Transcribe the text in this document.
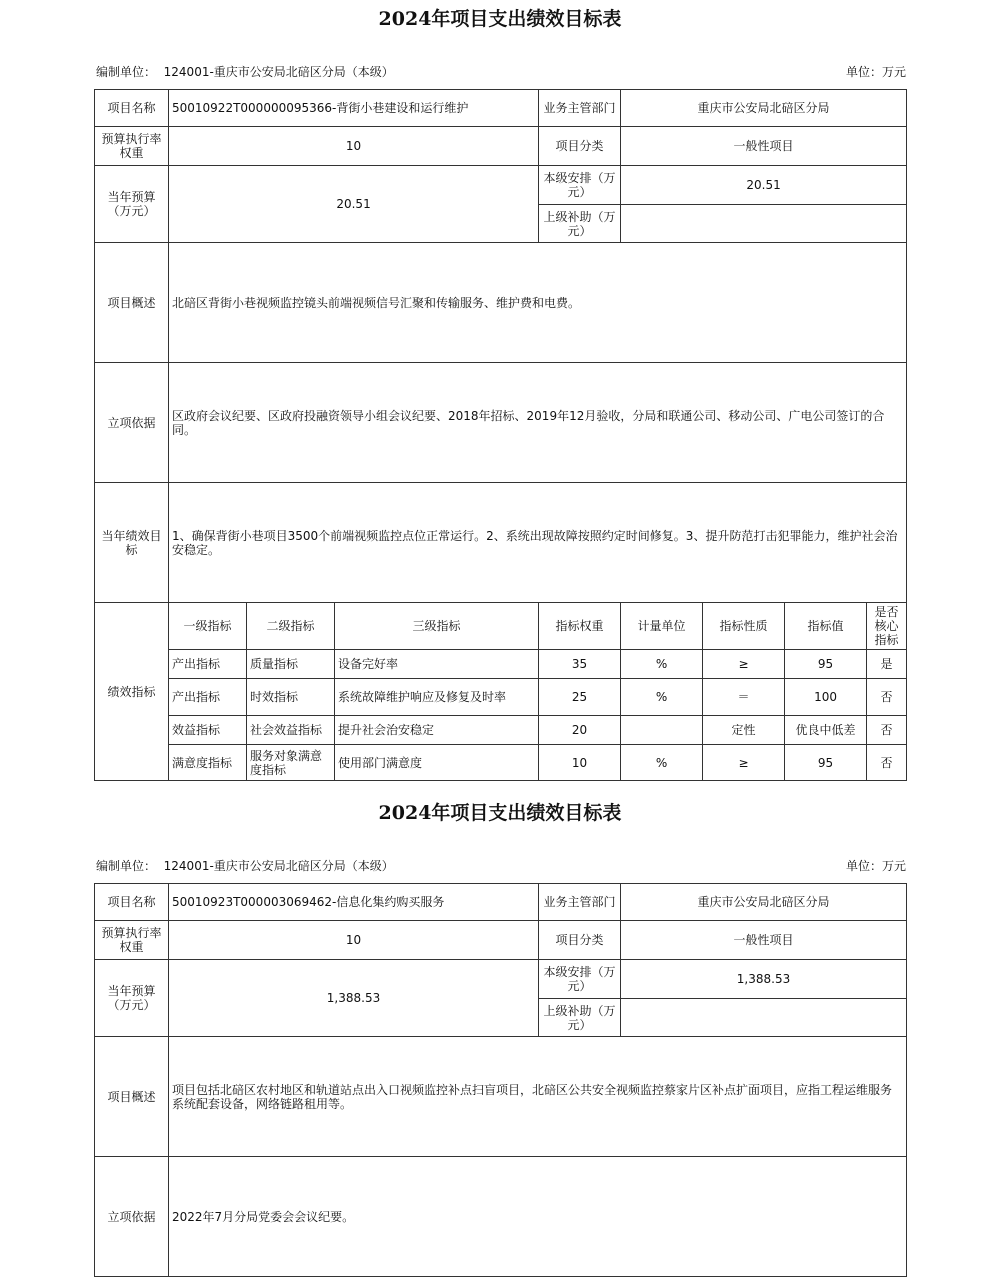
2024年项目支出绩效目标表
编制单位： 124001-重庆市公安局北碚区分局（本级）	单位：万元
项目名称	50010922T000000095366-背街小巷建设和运行维护			业务主管部门	重庆市公安局北碚区分局			
预算执行率权重	10			项目分类	一般性项目			
当年预算（万元）	20.51			本级安排（万元）	20.51			
				上级补助（万元）				
项目概述	北碚区背街小巷视频监控镜头前端视频信号汇聚和传输服务、维护费和电费。							
立项依据	区政府会议纪要、区政府投融资领导小组会议纪要、2018年招标、2019年12月验收，分局和联通公司、移动公司、广电公司签订的合同。							
当年绩效目标	1、确保背街小巷项目3500个前端视频监控点位正常运行。2、系统出现故障按照约定时间修复。3、提升防范打击犯罪能力，维护社会治安稳定。							
绩效指标	一级指标	二级指标	三级指标	指标权重	计量单位	指标性质	指标值	是否核心指标
	产出指标	质量指标	设备完好率	35	%	≥	95	是
	产出指标	时效指标	系统故障维护响应及修复及时率	25	%	＝	100	否
	效益指标	社会效益指标	提升社会治安稳定	20		定性	优良中低差	否
	满意度指标	服务对象满意度指标	使用部门满意度	10	%	≥	95	否
2024年项目支出绩效目标表
编制单位： 124001-重庆市公安局北碚区分局（本级）	单位：万元
项目名称	50010923T000003069462-信息化集约购买服务	业务主管部门	重庆市公安局北碚区分局
预算执行率权重	10	项目分类	一般性项目
当年预算（万元）	1,388.53	本级安排（万元）	1,388.53
		上级补助（万元）	
项目概述	项目包括北碚区农村地区和轨道站点出入口视频监控补点扫盲项目，北碚区公共安全视频监控蔡家片区补点扩面项目，应指工程运维服务系统配套设备，网络链路租用等。		
立项依据	2022年7月分局党委会会议纪要。		
